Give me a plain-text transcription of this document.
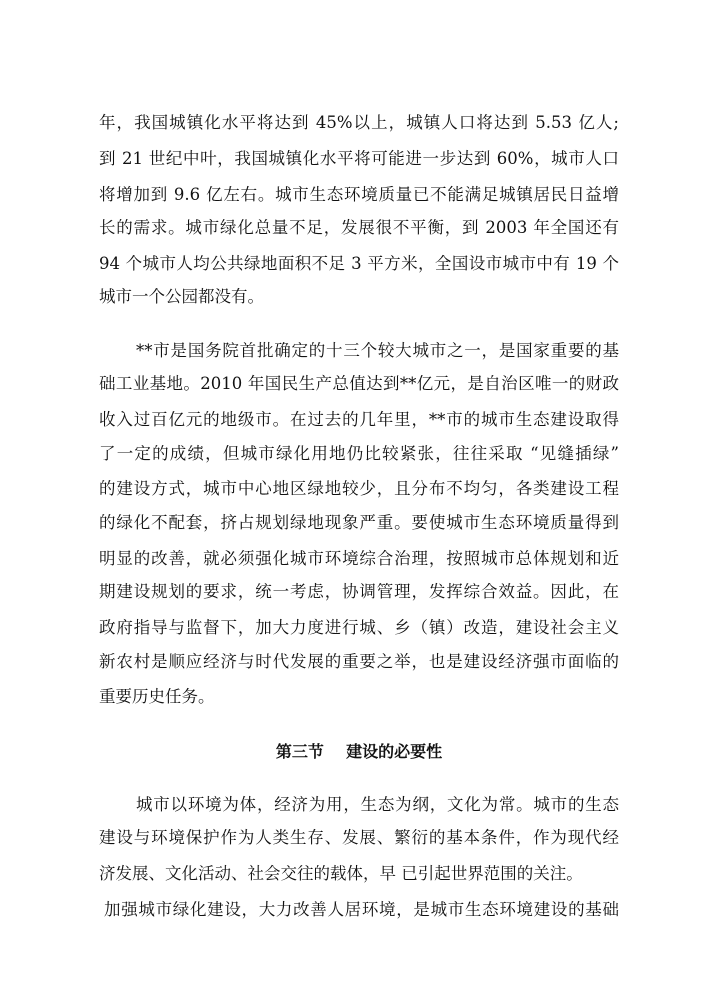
年，我国城镇化水平将达到 45%以上，城镇人口将达到 5.53 亿人;
到 21 世纪中叶，我国城镇化水平将可能进一步达到 60%，城市人口
将增加到 9.6 亿左右。城市生态环境质量已不能满足城镇居民日益增
长的需求。城市绿化总量不足，发展很不平衡，到 2003 年全国还有
94 个城市人均公共绿地面积不足 3 平方米，全国设市城市中有 19 个
城市一个公园都没有。
**市是国务院首批确定的十三个较大城市之一，是国家重要的基
础工业基地。2010 年国民生产总值达到**亿元，是自治区唯一的财政
收入过百亿元的地级市。在过去的几年里，**市的城市生态建设取得
了一定的成绩，但城市绿化用地仍比较紧张，往往采取 “见缝插绿”
的建设方式，城市中心地区绿地较少，且分布不均匀，各类建设工程
的绿化不配套，挤占规划绿地现象严重。要使城市生态环境质量得到
明显的改善，就必须强化城市环境综合治理，按照城市总体规划和近
期建设规划的要求，统一考虑，协调管理，发挥综合效益。因此，在
政府指导与监督下，加大力度进行城、乡（镇）改造，建设社会主义
新农村是顺应经济与时代发展的重要之举，也是建设经济强市面临的
重要历史任务。
第三节    建设的必要性
城市以环境为体，经济为用，生态为纲，文化为常。城市的生态
建设与环境保护作为人类生存、发展、繁衍的基本条件，作为现代经
济发展、文化活动、社会交往的载体，早 已引起世界范围的关注。
加强城市绿化建设，大力改善人居环境，是城市生态环境建设的基础
